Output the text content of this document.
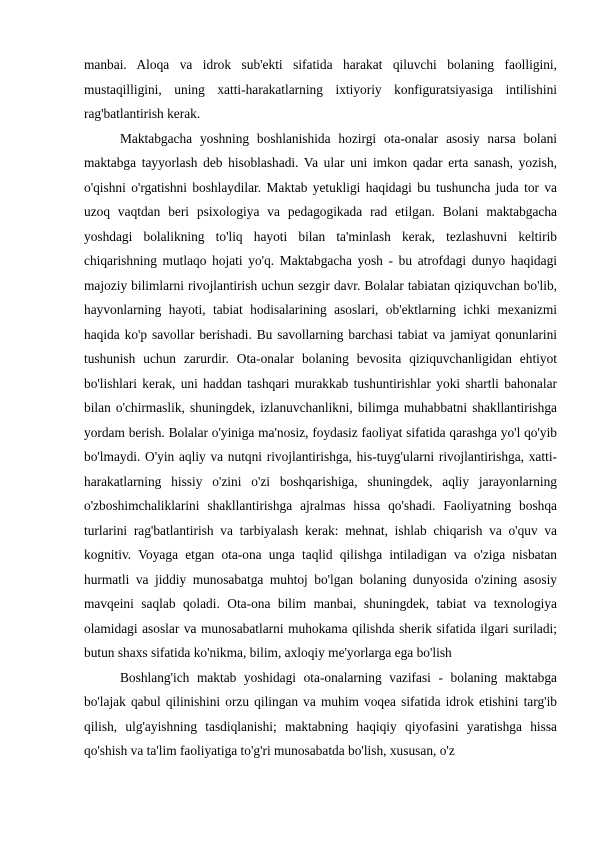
manbai. Aloqa va idrok sub'ekti sifatida harakat qiluvchi bolaning faolligini, mustaqilligini, uning xatti-harakatlarning ixtiyoriy konfiguratsiyasiga intilishini rag'batlantirish kerak.

Maktabgacha yoshning boshlanishida hozirgi ota-onalar asosiy narsa bolani maktabga tayyorlash deb hisoblashadi. Va ular uni imkon qadar erta sanash, yozish, o'qishni o'rgatishni boshlaydilar. Maktab yetukligi haqidagi bu tushuncha juda tor va uzoq vaqtdan beri psixologiya va pedagogikada rad etilgan. Bolani maktabgacha yoshdagi bolalikning to'liq hayoti bilan ta'minlash kerak, tezlashuvni keltirib chiqarishning mutlaqo hojati yo'q. Maktabgacha yosh - bu atrofdagi dunyo haqidagi majoziy bilimlarni rivojlantirish uchun sezgir davr. Bolalar tabiatan qiziquvchan bo'lib, hayvonlarning hayoti, tabiat hodisalarining asoslari, ob'ektlarning ichki mexanizmi haqida ko'p savollar berishadi. Bu savollarning barchasi tabiat va jamiyat qonunlarini tushunish uchun zarurdir. Ota-onalar bolaning bevosita qiziquvchanligidan ehtiyot bo'lishlari kerak, uni haddan tashqari murakkab tushuntirishlar yoki shartli bahonalar bilan o'chirmaslik, shuningdek, izlanuvchanlikni, bilimga muhabbatni shakllantirishga yordam berish. Bolalar o'yiniga ma'nosiz, foydasiz faoliyat sifatida qarashga yo'l qo'yib bo'lmaydi. O'yin aqliy va nutqni rivojlantirishga, his-tuyg'ularni rivojlantirishga, xatti-harakatlarning hissiy o'zini o'zi boshqarishiga, shuningdek, aqliy jarayonlarning o'zboshimchaliklarini shakllantirishga ajralmas hissa qo'shadi. Faoliyatning boshqa turlarini rag'batlantirish va tarbiyalash kerak: mehnat, ishlab chiqarish va o'quv va kognitiv. Voyaga etgan ota-ona unga taqlid qilishga intiladigan va o'ziga nisbatan hurmatli va jiddiy munosabatga muhtoj bo'lgan bolaning dunyosida o'zining asosiy mavqeini saqlab qoladi. Ota-ona bilim manbai, shuningdek, tabiat va texnologiya olamidagi asoslar va munosabatlarni muhokama qilishda sherik sifatida ilgari suriladi; butun shaxs sifatida ko'nikma, bilim, axloqiy me'yorlarga ega bo'lish

Boshlang'ich maktab yoshidagi ota-onalarning vazifasi - bolaning maktabga bo'lajak qabul qilinishini orzu qilingan va muhim voqea sifatida idrok etishini targ'ib qilish, ulg'ayishning tasdiqlanishi; maktabning haqiqiy qiyofasini yaratishga hissa qo'shish va ta'lim faoliyatiga to'g'ri munosabatda bo'lish, xususan, o'z
